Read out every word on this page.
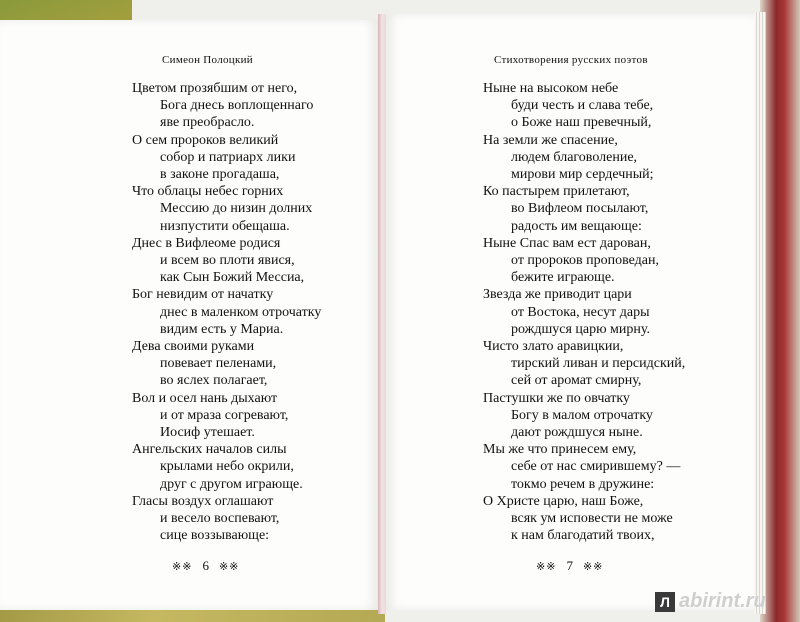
Симеон Полоцкий
Цветом прозябшим от него,
Бога днесь воплощеннаго
яве преобрасло.
О сем пророков великий
собор и патриарх лики
в законе прогадаша,
Что облацы небес горних
Мессию до низин долних
низпустити обещаша.
Днес в Вифлеоме родися
и всем во плоти явися,
как Сын Божий Мессиа,
Бог невидим от начатку
днес в маленком отрочатку
видим есть у Мариа.
Дева своими руками
повевает пеленами,
во яслех полагает,
Вол и осел нань дыхают
и от мраза согревают,
Иосиф утешает.
Ангельских началов силы
крылами небо окрили,
друг с другом играюще.
Гласы воздух оглашают
и весело воспевают,
сице воззывающе:
※※ 6 ※※
Стихотворения русских поэтов
Ныне на высоком небе
буди честь и слава тебе,
о Боже наш превечный,
На земли же спасение,
людем благоволение,
мирови мир сердечный;
Ко пастырем прилетают,
во Вифлеом посылают,
радость им вещающе:
Ныне Спас вам ест дарован,
от пророков проповедан,
бежите играюще.
Звезда же приводит цари
от Востока, несут дары
рождшуся царю мирну.
Чисто злато аравицкии,
тирский ливан и персидский,
сей от аромат смирну,
Пастушки же по овчатку
Богу в малом отрочатку
дают рождшуся ныне.
Мы же что принесем ему,
себе от нас смирившему? —
токмо речем в дружине:
О Христе царю, наш Боже,
всяк ум исповести не може
к нам благодатий твоих,
※※ 7 ※※
Л abirint.ru
